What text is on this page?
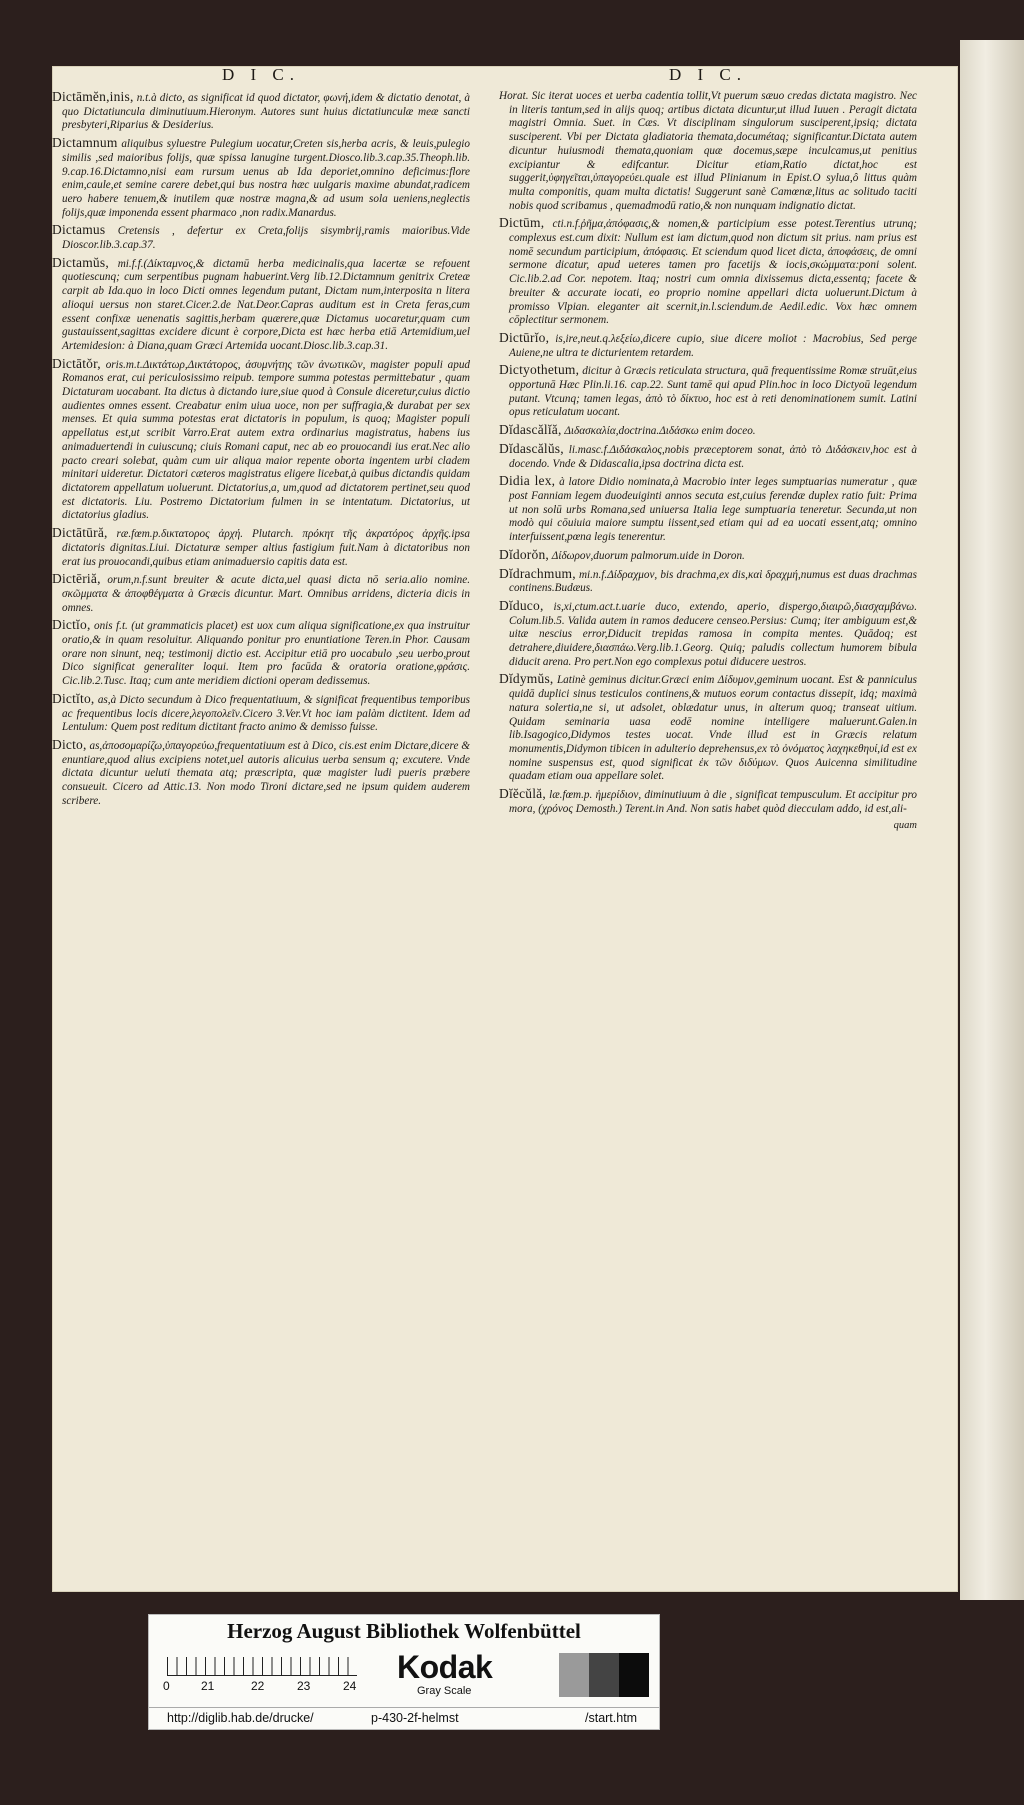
D I C.

Dictāmĕn,inis, n.t.à dicto, as significat id quod dictator, φωνή,idem & dictatio denotat, à quo Dictatiuncula diminutiuum.Hieronym. Autores sunt huius dictatiunculæ meæ sancti presbyteri,Riparius & Desiderius.

Dictamnum aliquibus syluestre Pulegium uocatur,Creten sis,herba acris, & leuis,pulegio similis ,sed maioribus folijs, quæ spissa lanugine turgent.Diosco.lib.3.cap.35.Theoph.lib. 9.cap.16.Dictamno,nisi eam rursum uenus ab Ida deporiet,omnino deficimus:flore enim,caule,et semine carere debet,qui bus nostra hæc uulgaris maxime abundat,radicem uero habere tenuem,& inutilem quæ nostræ magna,& ad usum sola ueniens,neglectis folijs,quæ imponenda essent pharmaco ,non radix.Manardus.

Dictamus Cretensis , defertur ex Creta,folijs sisymbrij,ramis maioribus.Vide Dioscor.lib.3.cap.37.

Dictamŭs, mi.f.f.(Δίκταμνος,& dictamū herba medicinalis,qua lacertæ se refouent quotiescunq; cum serpentibus pugnam habuerint.Verg lib.12.Dictamnum genitrix Creteæ carpit ab Ida.quo in loco Dicti omnes legendum putant, Dictam num,interposita n litera alioqui uersus non staret.Cicer.2.de Nat.Deor.Capras auditum est in Creta feras,cum essent confixæ uenenatis sagittis,herbam quærere,quæ Dictamus uocaretur,quam cum gustauissent,sagittas excidere dicunt è corpore,Dicta est hæc herba etiā Artemidium,uel Artemidesion: à Diana,quam Græci Artemida uocant.Diosc.lib.3.cap.31.

Dictātŏr, oris.m.t.Δικτάτωρ,Δικτάτορος, ἀσυμνήτης τῶν ἀνωτικῶν, magister populi apud Romanos erat, cui periculosissimo reipub. tempore summa potestas permittebatur , quam Dictaturam uocabant. Ita dictus à dictando iure,siue quod à Consule diceretur,cuius dictio audientes omnes essent. Creabatur enim uiua uoce, non per suffragia,& durabat per sex menses. Et quia summa potestas erat dictatoris in populum, is quoq; Magister populi appellatus est,ut scribit Varro.Erat autem extra ordinarius magistratus, habens ius animaduertendi in cuiuscunq; ciuis Romani caput, nec ab eo prouocandi ius erat.Nec alio pacto creari solebat, quàm cum uir aliqua maior repente oborta ingentem urbi cladem minitari uideretur. Dictatori cæteros magistratus eligere licebat,à quibus dictandis quidam dictatorem appellatum uoluerunt. Dictatorius,a, um,quod ad dictatorem pertinet,seu quod est dictatoris. Liu. Postremo Dictatorium fulmen in se intentatum. Dictatorius, ut dictatorius gladius.

Dictātūră, ræ.fœm.p.δικτατορος ἀρχή. Plutarch. πρόκητ τῆς ἀκρατόρος ἀρχῆς.ipsa dictatoris dignitas.Liui. Dictaturæ semper altius fastigium fuit.Nam à dictatoribus non erat ius prouocandi,quibus etiam animaduersio capitis data est.

Dictēriă, orum,n.f.sunt breuiter & acute dicta,uel quasi dicta nō seria.alio nomine. σκῶμματα & ἀποφθέγματα à Græcis dicuntur. Mart. Omnibus arridens, dicteria dicis in omnes.

Dictĭo, onis f.t. (ut grammaticis placet) est uox cum aliqua significatione,ex qua instruitur oratio,& in quam resoluitur. Aliquando ponitur pro enuntiatione Teren.in Phor. Causam orare non sinunt, neq; testimonij dictio est. Accipitur etiā pro uocabulo ,seu uerbo,prout Dico significat generaliter loqui. Item pro facūda & oratoria oratione,φράσις. Cic.lib.2.Tusc. Itaq; cum ante meridiem dictioni operam dedissemus.

Dictĭto, as,à Dicto secundum à Dico frequentatiuum, & significat frequentibus temporibus ac frequentibus locis dicere,λεγοπολεῖν.Cicero 3.Ver.Vt hoc iam palàm dictitent. Idem ad Lentulum: Quem post reditum dictitant fracto animo & demisso fuisse.

Dicto, as,ἀποσομαρίζω,ὑπαγορεύω,frequentatiuum est à Dico, cis.est enim Dictare,dicere & enuntiare,quod alius excipiens notet,uel autoris alicuius uerba sensum q; excutere. Vnde dictata dicuntur ueluti themata atq; præscripta, quæ magister ludi pueris præbere consueuit. Cicero ad Attic.13. Non modo Tironi dictare,sed ne ipsum quidem auderem scribere.

D I C.

Horat. Sic iterat uoces et uerba cadentia tollit,Vt puerum sæuo credas dictata magistro. Nec in literis tantum,sed in alijs quoq; artibus dictata dicuntur,ut illud Iuuen . Peragit dictata magistri Omnia. Suet. in Cæs. Vt disciplinam singulorum susciperent,ipsiq; dictata susciperent. Vbi per Dictata gladiatoria themata,documétaq; significantur.Dictata autem dicuntur huiusmodi themata,quoniam quæ docemus,sæpe inculcamus,ut penitius excipiantur & edifcantur. Dicitur etiam,Ratio dictat,hoc est suggerit,ὑφηγεῖται,ὑπαγορεύει.quale est illud Plinianum in Epist.O sylua,ô littus quàm multa componitis, quam multa dictatis! Suggerunt sanè Camœnæ,litus ac solitudo taciti nobis quod scribamus , quemadmodū ratio,& non nunquam indignatio dictat.

Dictūm, cti.n.f.ῥῆμα,ἀπόφασις,& nomen,& participium esse potest.Terentius utrunq; complexus est.cum dixit: Nullum est iam dictum,quod non dictum sit prius. nam prius est nomē secundum participium, ἀπόφασις. Et sciendum quod licet dicta, ἀποφάσεις, de omni sermone dicatur, apud ueteres tamen pro facetijs & iocis,σκώμματα:poni solent. Cic.lib.2.ad Cor. nepotem. Itaq; nostri cum omnia dixissemus dicta,essentq; facete & breuiter & accurate iocati, eo proprio nomine appellari dicta uoluerunt.Dictum à promisso Vlpian. eleganter ait scernit,in.l.sciendum.de Aedil.edic. Vox hæc omnem cōplectitur sermonem.

Dictūrĭo, is,ire,neut.q.λεξείω,dicere cupio, siue dicere moliot : Macrobius, Sed perge Auiene,ne ultra te dicturientem retardem.

Dictyothetum, dicitur à Græcis reticulata structura, quā frequentissime Romæ struūt,eius opportunā Hæc Plin.li.16. cap.22. Sunt tamē qui apud Plin.hoc in loco Dictyoū legendum putant. Vtcunq; tamen legas, ἀπὸ τὸ δίκτυο, hoc est à reti denominationem sumit. Latini opus reticulatum uocant.

Dĭdascălĭă, Διδασκαλία,doctrina.Διδάσκω enim doceo.

Dĭdascălŭs, li.masc.f.Διδάσκαλος,nobis præceptorem sonat, ἀπὸ τὸ Διδάσκειν,hoc est à docendo. Vnde & Didascalia,ipsa doctrina dicta est.

Didia lex, à latore Didio nominata,à Macrobio inter leges sumptuarias numeratur , quæ post Fanniam legem duodeuiginti annos secuta est,cuius ferendæ duplex ratio fuit: Prima ut non solū urbs Romana,sed uniuersa Italia lege sumptuaria teneretur. Secunda,ut non modò qui cōuiuia maiore sumptu iissent,sed etiam qui ad ea uocati essent,atq; omnino interfuissent,pœna legis tenerentur.

Dĭdorŏn, Δίδωρον,duorum palmorum.uide in Doron.

Dĭdrachmum, mi.n.f.Δίδραχμον, bis drachma,ex dis,καὶ δραχμή,numus est duas drachmas continens.Budæus.

Dĭduco, is,xi,ctum.act.t.uarie duco, extendo, aperio, dispergo,διαιρῶ,διασχαμβάνω. Colum.lib.5. Valida autem in ramos deducere censeo.Persius: Cumq; iter ambiguum est,& uitæ nescius error,Diducit trepidas ramosa in compita mentes. Quādoq; est detrahere,diuidere,διασπάω.Verg.lib.1.Georg. Quiq; paludis collectum humorem bibula diducit arena. Pro pert.Non ego complexus potui diducere uestros.

Dĭdymŭs, Latinè geminus dicitur.Græci enim Δίδυμον,geminum uocant. Est & panniculus quidā duplici sinus testiculos continens,& mutuos eorum contactus dissepit, idq; maximà natura solertia,ne si, ut adsolet, oblædatur unus, in alterum quoq; transeat uitium. Quidam seminaria uasa eodē nomine intelligere maluerunt.Galen.in lib.Isagogico,Didymos testes uocat. Vnde illud est in Græcis relatum monumentis,Didymon tibicen in adulterio deprehensus,ex τὸ ὀνόματος λαχηκεθηυί,id est ex nomine suspensus est, quod significat ἐκ τῶν διδύμων. Quos Auicenna similitudine quadam etiam oua appellare solet.

Dĭĕcŭlă, læ.fœm.p. ἡμερίδιον, diminutiuum à die , significat tempusculum. Et accipitur pro mora, (χρόνος Demosth.) Terent.in And. Non satis habet quòd diecculam addo, id est,ali-

quam
Herzog August Bibliothek Wolfenbüttel
0	21	22	23	24
Kodak
Gray Scale
http://diglib.hab.de/drucke/	p-430-2f-helmst	/start.htm
